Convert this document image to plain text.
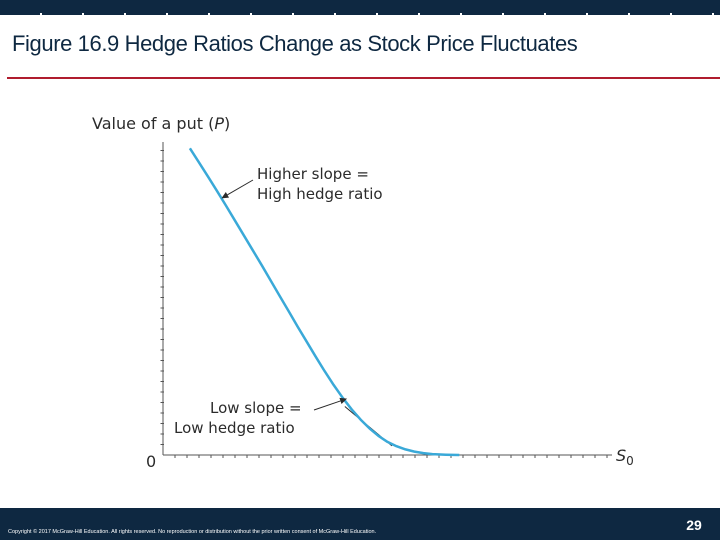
Figure 16.9 Hedge Ratios Change as Stock Price Fluctuates
Value of a put (P)
$S_0$
0
Higher slope =
High hedge ratio
Low slope =
Low hedge ratio
Copyright © 2017 McGraw-Hill Education. All rights reserved. No reproduction or distribution without the prior written consent of McGraw-Hill Education.	29
